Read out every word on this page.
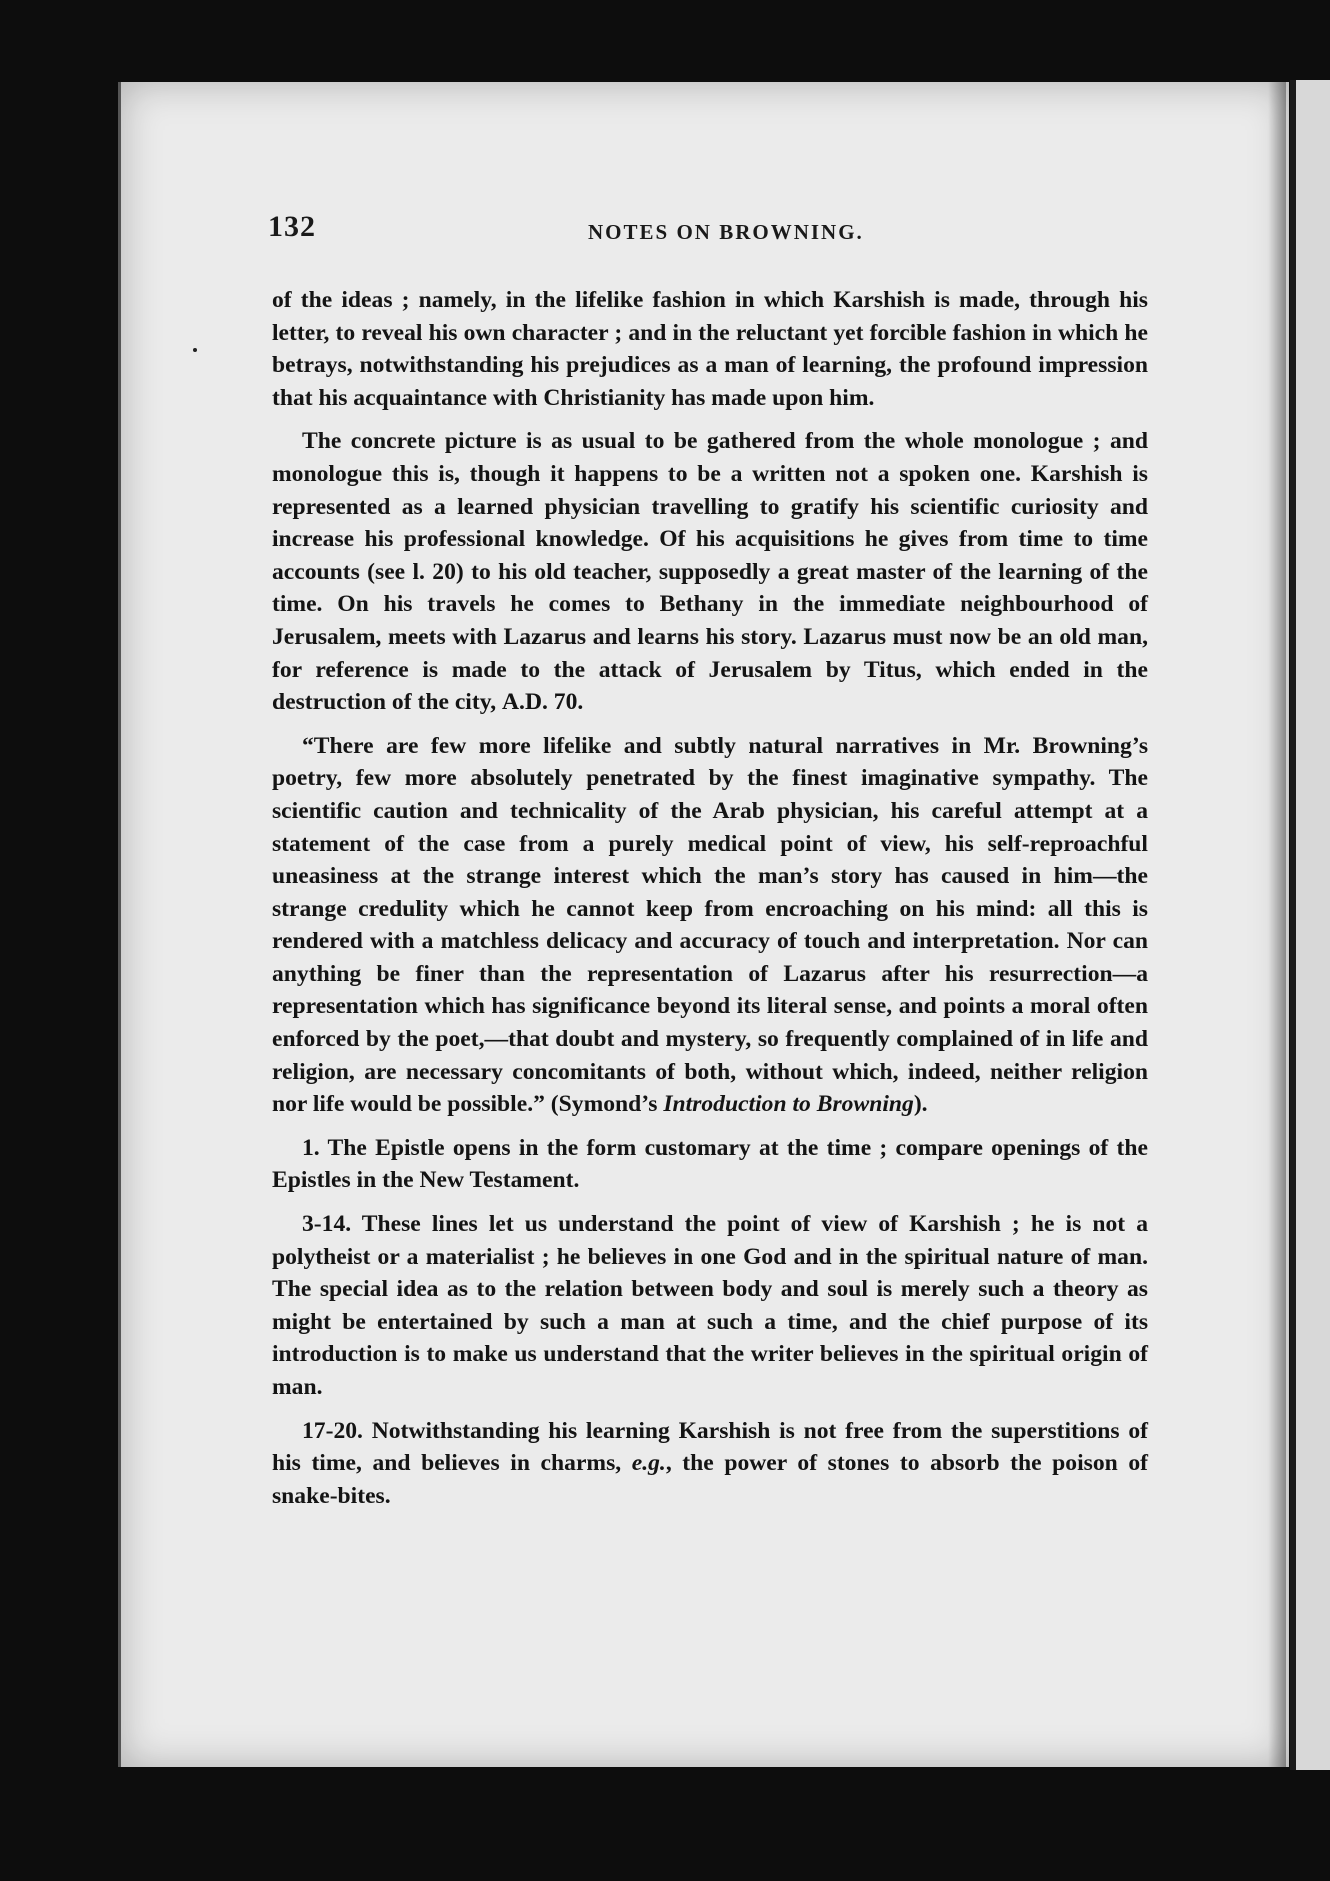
132	NOTES ON BROWNING.

of the ideas ; namely, in the lifelike fashion in which Karshish is made, through his letter, to reveal his own character ; and in the reluctant yet forcible fashion in which he betrays, notwithstanding his prejudices as a man of learning, the profound impression that his acquaintance with Christianity has made upon him.

The concrete picture is as usual to be gathered from the whole monologue ; and monologue this is, though it happens to be a written not a spoken one. Karshish is represented as a learned physician travelling to gratify his scientific curiosity and increase his professional knowledge. Of his acquisitions he gives from time to time accounts (see l. 20) to his old teacher, supposedly a great master of the learning of the time. On his travels he comes to Bethany in the immediate neighbourhood of Jerusalem, meets with Lazarus and learns his story. Lazarus must now be an old man, for reference is made to the attack of Jerusalem by Titus, which ended in the destruction of the city, A.D. 70.

“There are few more lifelike and subtly natural narratives in Mr. Browning’s poetry, few more absolutely penetrated by the finest imaginative sympathy. The scientific caution and technicality of the Arab physician, his careful attempt at a statement of the case from a purely medical point of view, his self-reproachful uneasiness at the strange interest which the man’s story has caused in him—the strange credulity which he cannot keep from encroaching on his mind: all this is rendered with a matchless delicacy and accuracy of touch and interpretation. Nor can anything be finer than the representation of Lazarus after his resurrection—a representation which has significance beyond its literal sense, and points a moral often enforced by the poet,—that doubt and mystery, so frequently complained of in life and religion, are necessary concomitants of both, without which, indeed, neither religion nor life would be possible.” (Symond’s Introduction to Browning).

1. The Epistle opens in the form customary at the time ; compare openings of the Epistles in the New Testament.

3-14. These lines let us understand the point of view of Karshish ; he is not a polytheist or a materialist ; he believes in one God and in the spiritual nature of man. The special idea as to the relation between body and soul is merely such a theory as might be entertained by such a man at such a time, and the chief purpose of its introduction is to make us understand that the writer believes in the spiritual origin of man.

17-20. Notwithstanding his learning Karshish is not free from the superstitions of his time, and believes in charms, e.g., the power of stones to absorb the poison of snake-bites.
